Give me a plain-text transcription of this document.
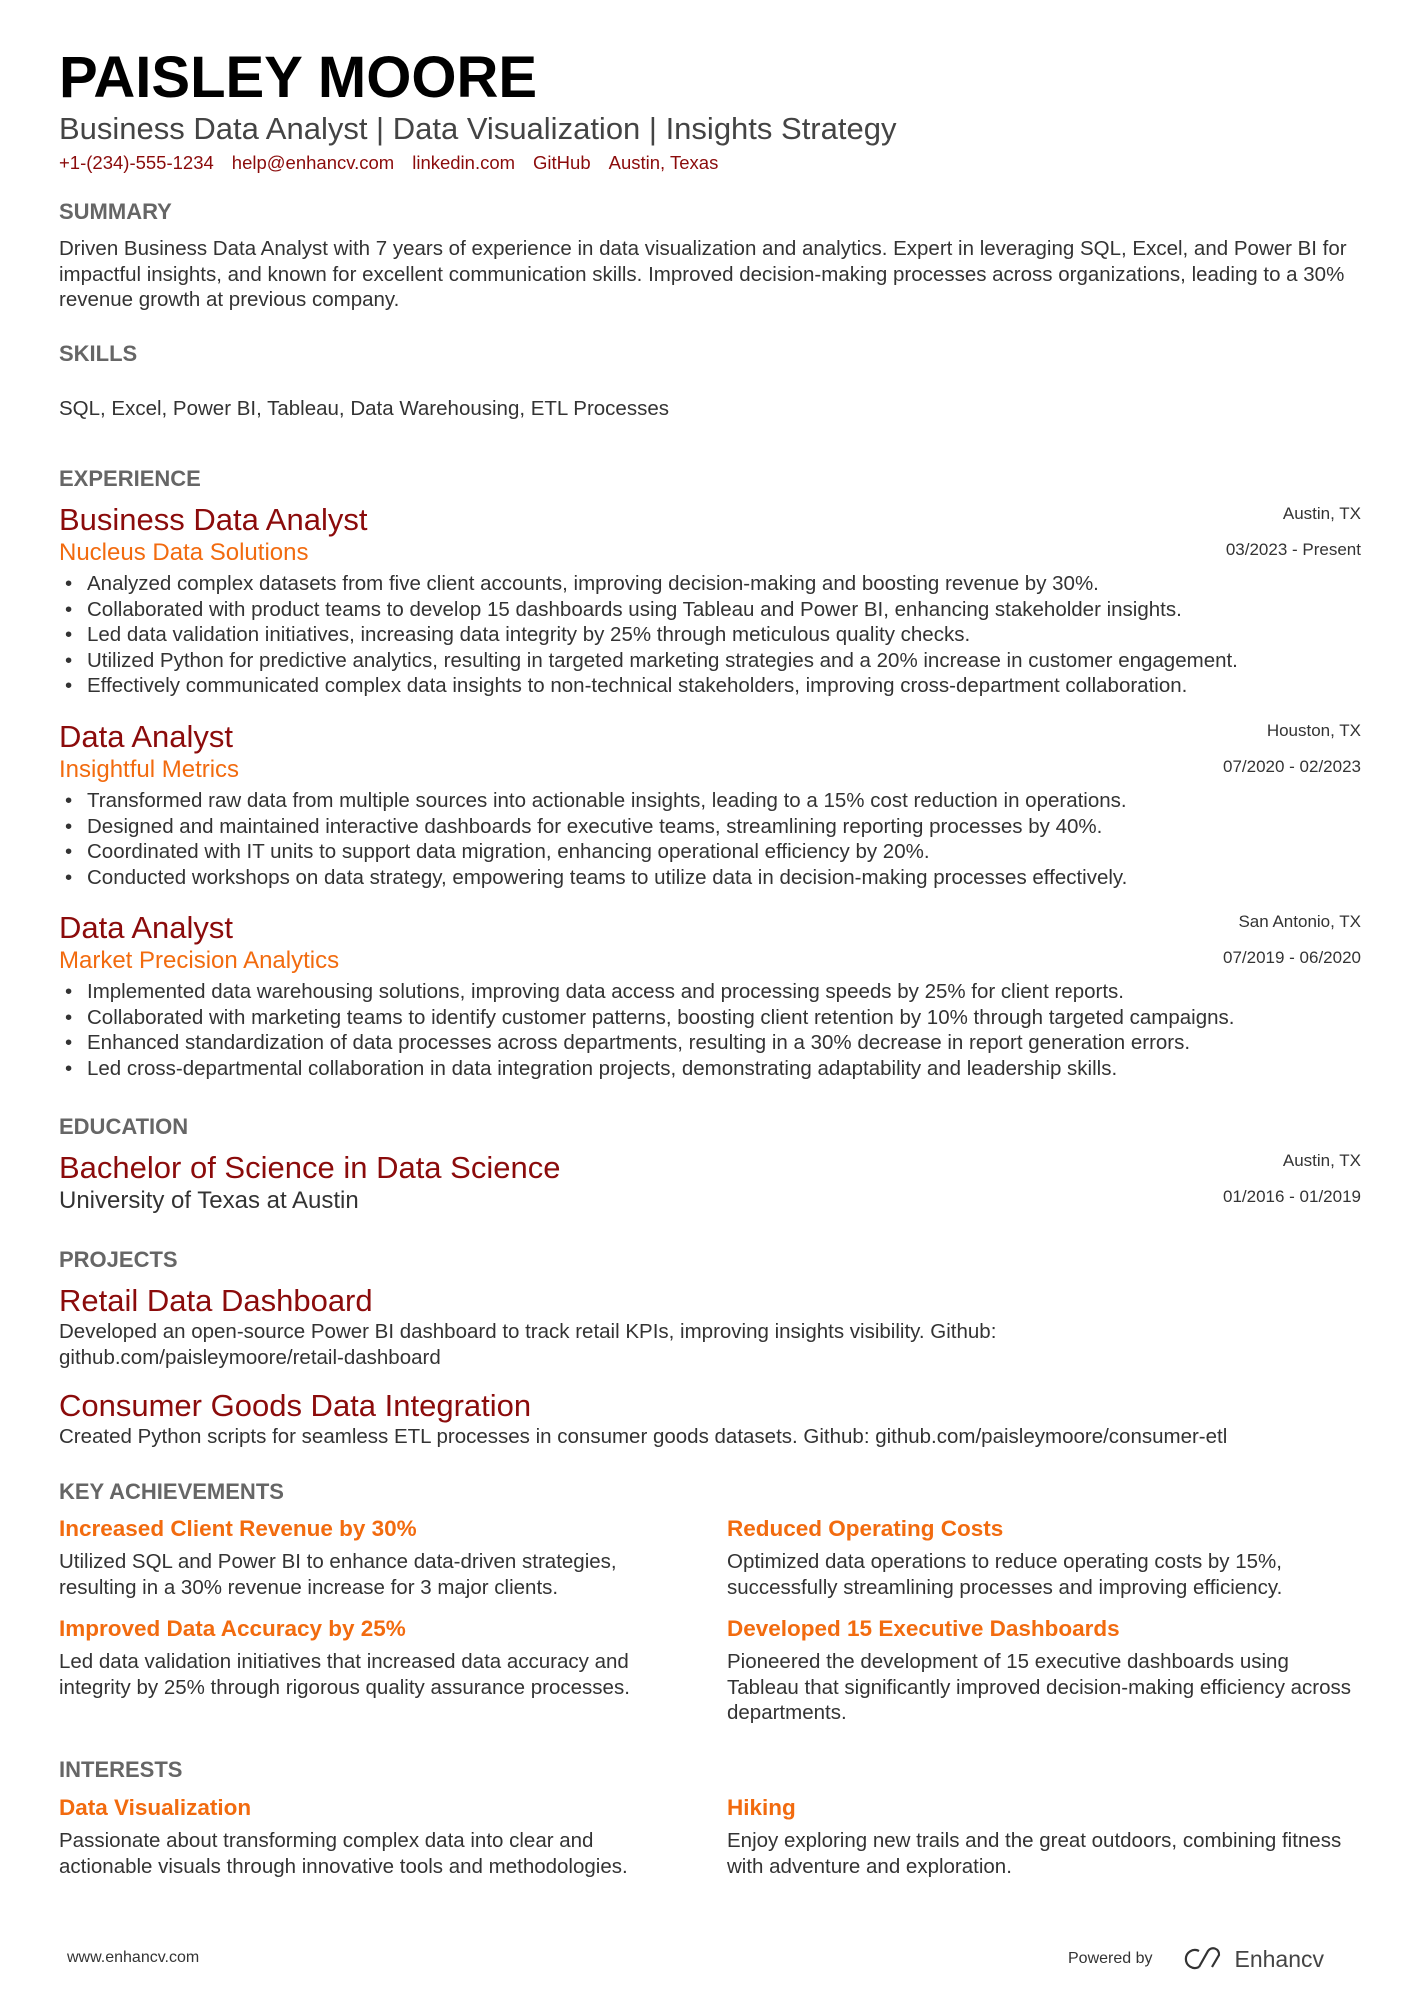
PAISLEY MOORE
Business Data Analyst | Data Visualization | Insights Strategy
+1-(234)-555-1234 help@enhancv.com linkedin.com GitHub Austin, Texas
SUMMARY
Driven Business Data Analyst with 7 years of experience in data visualization and analytics. Expert in leveraging SQL, Excel, and Power BI for impactful insights, and known for excellent communication skills. Improved decision-making processes across organizations, leading to a 30% revenue growth at previous company.
SKILLS
SQL, Excel, Power BI, Tableau, Data Warehousing, ETL Processes
EXPERIENCE
Austin, TX
03/2023 - Present
Business Data Analyst
Nucleus Data Solutions
• Analyzed complex datasets from five client accounts, improving decision-making and boosting revenue by 30%.
• Collaborated with product teams to develop 15 dashboards using Tableau and Power BI, enhancing stakeholder insights.
• Led data validation initiatives, increasing data integrity by 25% through meticulous quality checks.
• Utilized Python for predictive analytics, resulting in targeted marketing strategies and a 20% increase in customer engagement.
• Effectively communicated complex data insights to non-technical stakeholders, improving cross-department collaboration.
Houston, TX
07/2020 - 02/2023
Data Analyst
Insightful Metrics
• Transformed raw data from multiple sources into actionable insights, leading to a 15% cost reduction in operations.
• Designed and maintained interactive dashboards for executive teams, streamlining reporting processes by 40%.
• Coordinated with IT units to support data migration, enhancing operational efficiency by 20%.
• Conducted workshops on data strategy, empowering teams to utilize data in decision-making processes effectively.
San Antonio, TX
07/2019 - 06/2020
Data Analyst
Market Precision Analytics
• Implemented data warehousing solutions, improving data access and processing speeds by 25% for client reports.
• Collaborated with marketing teams to identify customer patterns, boosting client retention by 10% through targeted campaigns.
• Enhanced standardization of data processes across departments, resulting in a 30% decrease in report generation errors.
• Led cross-departmental collaboration in data integration projects, demonstrating adaptability and leadership skills.
EDUCATION
Austin, TX
01/2016 - 01/2019
Bachelor of Science in Data Science
University of Texas at Austin
PROJECTS
Retail Data Dashboard
Developed an open-source Power BI dashboard to track retail KPIs, improving insights visibility. Github: github.com/paisleymoore/retail-dashboard
Consumer Goods Data Integration
Created Python scripts for seamless ETL processes in consumer goods datasets. Github: github.com/paisleymoore/consumer-etl
KEY ACHIEVEMENTS
Increased Client Revenue by 30%
Utilized SQL and Power BI to enhance data-driven strategies, resulting in a 30% revenue increase for 3 major clients.
Reduced Operating Costs
Optimized data operations to reduce operating costs by 15%, successfully streamlining processes and improving efficiency.
Improved Data Accuracy by 25%
Led data validation initiatives that increased data accuracy and integrity by 25% through rigorous quality assurance processes.
Developed 15 Executive Dashboards
Pioneered the development of 15 executive dashboards using Tableau that significantly improved decision-making efficiency across departments.
INTERESTS
Data Visualization
Passionate about transforming complex data into clear and actionable visuals through innovative tools and methodologies.
Hiking
Enjoy exploring new trails and the great outdoors, combining fitness with adventure and exploration.
www.enhancv.com	Powered by	Enhancv
